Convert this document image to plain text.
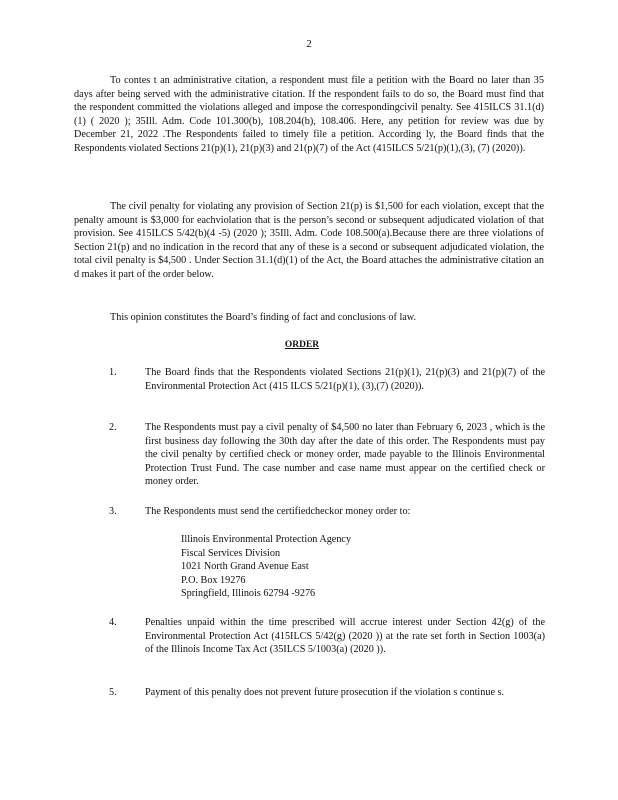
2

To contes t an administrative citation, a respondent must file a petition with the Board no later than 35 days after being served with the administrative citation. If the respondent fails to do so, the Board must find that the respondent committed the violations alleged and impose the correspondingcivil penalty. See 415ILCS 31.1(d)(1) ( 2020 ); 35Ill. Adm. Code 101.300(b), 108.204(b), 108.406. Here, any petition for review was due by December 21, 2022 .The Respondents failed to timely file a petition. According ly, the Board finds that the Respondents violated Sections 21(p)(1), 21(p)(3) and 21(p)(7) of the Act (415ILCS 5/21(p)(1),(3), (7) (2020)).

The civil penalty for violating any provision of Section 21(p) is $1,500 for each violation, except that the penalty amount is $3,000 for eachviolation that is the person’s second or subsequent adjudicated violation of that provision. See 415ILCS 5/42(b)(4 -5) (2020 ); 35Ill. Adm. Code 108.500(a).Because there are three violations of Section 21(p) and no indication in the record that any of these is a second or subsequent adjudicated violation, the total civil penalty is $4,500 . Under Section 31.1(d)(1) of the Act, the Board attaches the administrative citation an d makes it part of the order below.

This opinion constitutes the Board’s finding of fact and conclusions of law.

ORDER
1.	The Board finds that the Respondents violated Sections 21(p)(1), 21(p)(3) and 21(p)(7) of the Environmental Protection Act (415 ILCS 5/21(p)(1), (3),(7) (2020)).

2.	The Respondents must pay a civil penalty of $4,500 no later than February 6, 2023 , which is the first business day following the 30th day after the date of this order. The Respondents must pay the civil penalty by certified check or money order, made payable to the Illinois Environmental Protection Trust Fund. The case number and case name must appear on the certified check or money order.

3.	The Respondents must send the certifiedcheckor money order to:

Illinois Environmental Protection Agency
Fiscal Services Division
1021 North Grand Avenue East
P.O. Box 19276
Springfield, Illinois 62794 -9276
4.	Penalties unpaid within the time prescribed will accrue interest under Section 42(g) of the Environmental Protection Act (415ILCS 5/42(g) (2020 )) at the rate set forth in Section 1003(a) of the Illinois Income Tax Act (35ILCS 5/1003(a) (2020 )).

5.	Payment of this penalty does not prevent future prosecution if the violation s continue s.
